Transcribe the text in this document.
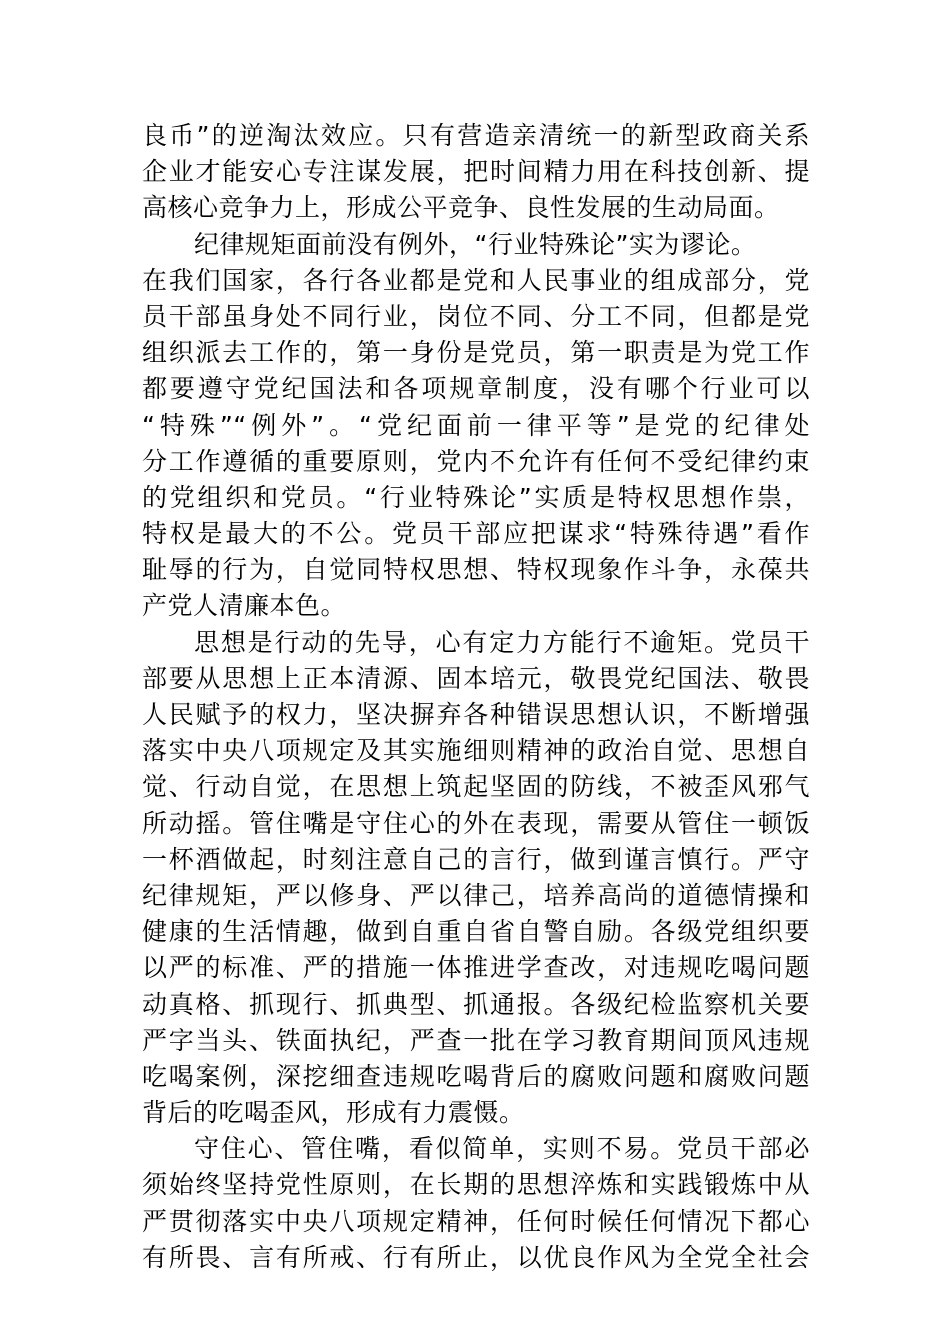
良币”的逆淘汰效应。只有营造亲清统一的新型政商关系
企业才能安心专注谋发展，把时间精力用在科技创新、提
高核心竞争力上，形成公平竞争、良性发展的生动局面。
纪律规矩面前没有例外，“行业特殊论”实为谬论。
在我们国家，各行各业都是党和人民事业的组成部分，党
员干部虽身处不同行业，岗位不同、分工不同，但都是党
组织派去工作的，第一身份是党员，第一职责是为党工作
都要遵守党纪国法和各项规章制度，没有哪个行业可以
“特殊”“例外”。“党纪面前一律平等”是党的纪律处
分工作遵循的重要原则，党内不允许有任何不受纪律约束
的党组织和党员。“行业特殊论”实质是特权思想作祟，
特权是最大的不公。党员干部应把谋求“特殊待遇”看作
耻辱的行为，自觉同特权思想、特权现象作斗争，永葆共
产党人清廉本色。
思想是行动的先导，心有定力方能行不逾矩。党员干
部要从思想上正本清源、固本培元，敬畏党纪国法、敬畏
人民赋予的权力，坚决摒弃各种错误思想认识，不断增强
落实中央八项规定及其实施细则精神的政治自觉、思想自
觉、行动自觉，在思想上筑起坚固的防线，不被歪风邪气
所动摇。管住嘴是守住心的外在表现，需要从管住一顿饭
一杯酒做起，时刻注意自己的言行，做到谨言慎行。严守
纪律规矩，严以修身、严以律己，培养高尚的道德情操和
健康的生活情趣，做到自重自省自警自励。各级党组织要
以严的标准、严的措施一体推进学查改，对违规吃喝问题
动真格、抓现行、抓典型、抓通报。各级纪检监察机关要
严字当头、铁面执纪，严查一批在学习教育期间顶风违规
吃喝案例，深挖细查违规吃喝背后的腐败问题和腐败问题
背后的吃喝歪风，形成有力震慑。
守住心、管住嘴，看似简单，实则不易。党员干部必
须始终坚持党性原则，在长期的思想淬炼和实践锻炼中从
严贯彻落实中央八项规定精神，任何时候任何情况下都心
有所畏、言有所戒、行有所止，以优良作风为全党全社会
